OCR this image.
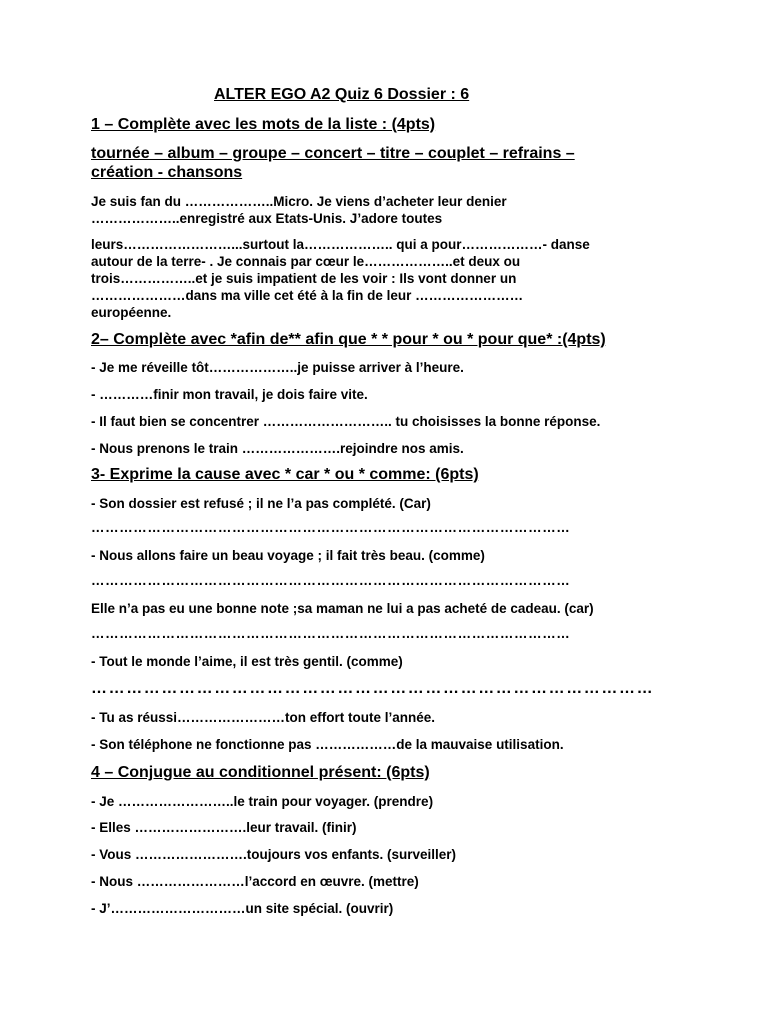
ALTER EGO A2 Quiz 6 Dossier : 6
1 – Complète avec les mots de la liste : (4pts)
tournée – album – groupe – concert – titre – couplet – refrains –
création - chansons
Je suis fan du ………………..Micro. Je viens d’acheter leur denier
………………..enregistré aux Etats-Unis. J’adore toutes
leurs……………………...surtout la……………….. qui a pour………………- danse
autour de la terre- . Je connais par cœur le………………..et deux ou
trois……………..et je suis impatient de les voir : Ils vont donner un
…………………dans ma ville cet été à la fin de leur ……………………
européenne.
2– Complète avec *afin de** afin que * * pour * ou * pour que* :(4pts)
- Je me réveille tôt………………..je puisse arriver à l’heure.
- …………finir mon travail, je dois faire vite.
- Il faut bien se concentrer ……………………….. tu choisisses la bonne réponse.
- Nous prenons le train ………………….rejoindre nos amis.
3- Exprime la cause avec * car * ou * comme: (6pts)
- Son dossier est refusé ; il ne l’a pas complété. (Car)
…………………………………………………………………………………………
- Nous allons faire un beau voyage ; il fait très beau. (comme)
…………………………………………………………………………………………
Elle n’a pas eu une bonne note ;sa maman ne lui a pas acheté de cadeau. (car)
…………………………………………………………………………………………
- Tout le monde l’aime, il est très gentil. (comme)
……………………………………………………………………………………
- Tu as réussi……………………ton effort toute l’année.
- Son téléphone ne fonctionne pas ………………de la mauvaise utilisation.
4 – Conjugue au conditionnel présent: (6pts)
- Je ……………………..le train pour voyager. (prendre)
- Elles …………………….leur travail. (finir)
- Vous …………………….toujours vos enfants. (surveiller)
- Nous ……………………l’accord en œuvre. (mettre)
- J’…………………………un site spécial. (ouvrir)
